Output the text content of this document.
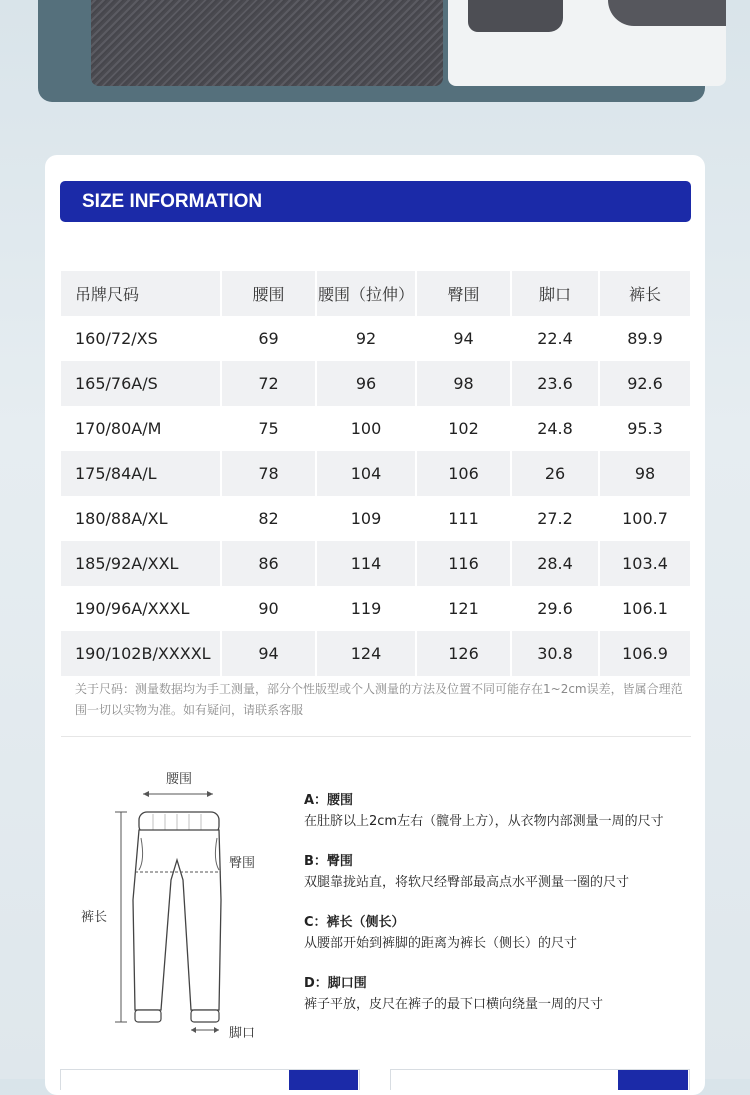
SIZE INFORMATION
吊牌尺码	腰围	腰围（拉伸）	臀围	脚口	裤长
160/72/XS	69	92	94	22.4	89.9
165/76A/S	72	96	98	23.6	92.6
170/80A/M	75	100	102	24.8	95.3
175/84A/L	78	104	106	26	98
180/88A/XL	82	109	111	27.2	100.7
185/92A/XXL	86	114	116	28.4	103.4
190/96A/XXXL	90	119	121	29.6	106.1
190/102B/XXXXL	94	124	126	30.8	106.9
关于尺码：测量数据均为手工测量，部分个性版型或个人测量的方法及位置不同可能存在1~2cm误差，皆属合理范围一切以实物为准。如有疑问，请联系客服
腰围
臀围
裤长
脚口
A：腰围
在肚脐以上2cm左右（髋骨上方），从衣物内部测量一周的尺寸
B：臀围
双腿靠拢站直，将软尺经臀部最高点水平测量一圈的尺寸
C：裤长（侧长）
从腰部开始到裤脚的距离为裤长（侧长）的尺寸
D：脚口围
裤子平放，皮尺在裤子的最下口横向绕量一周的尺寸
